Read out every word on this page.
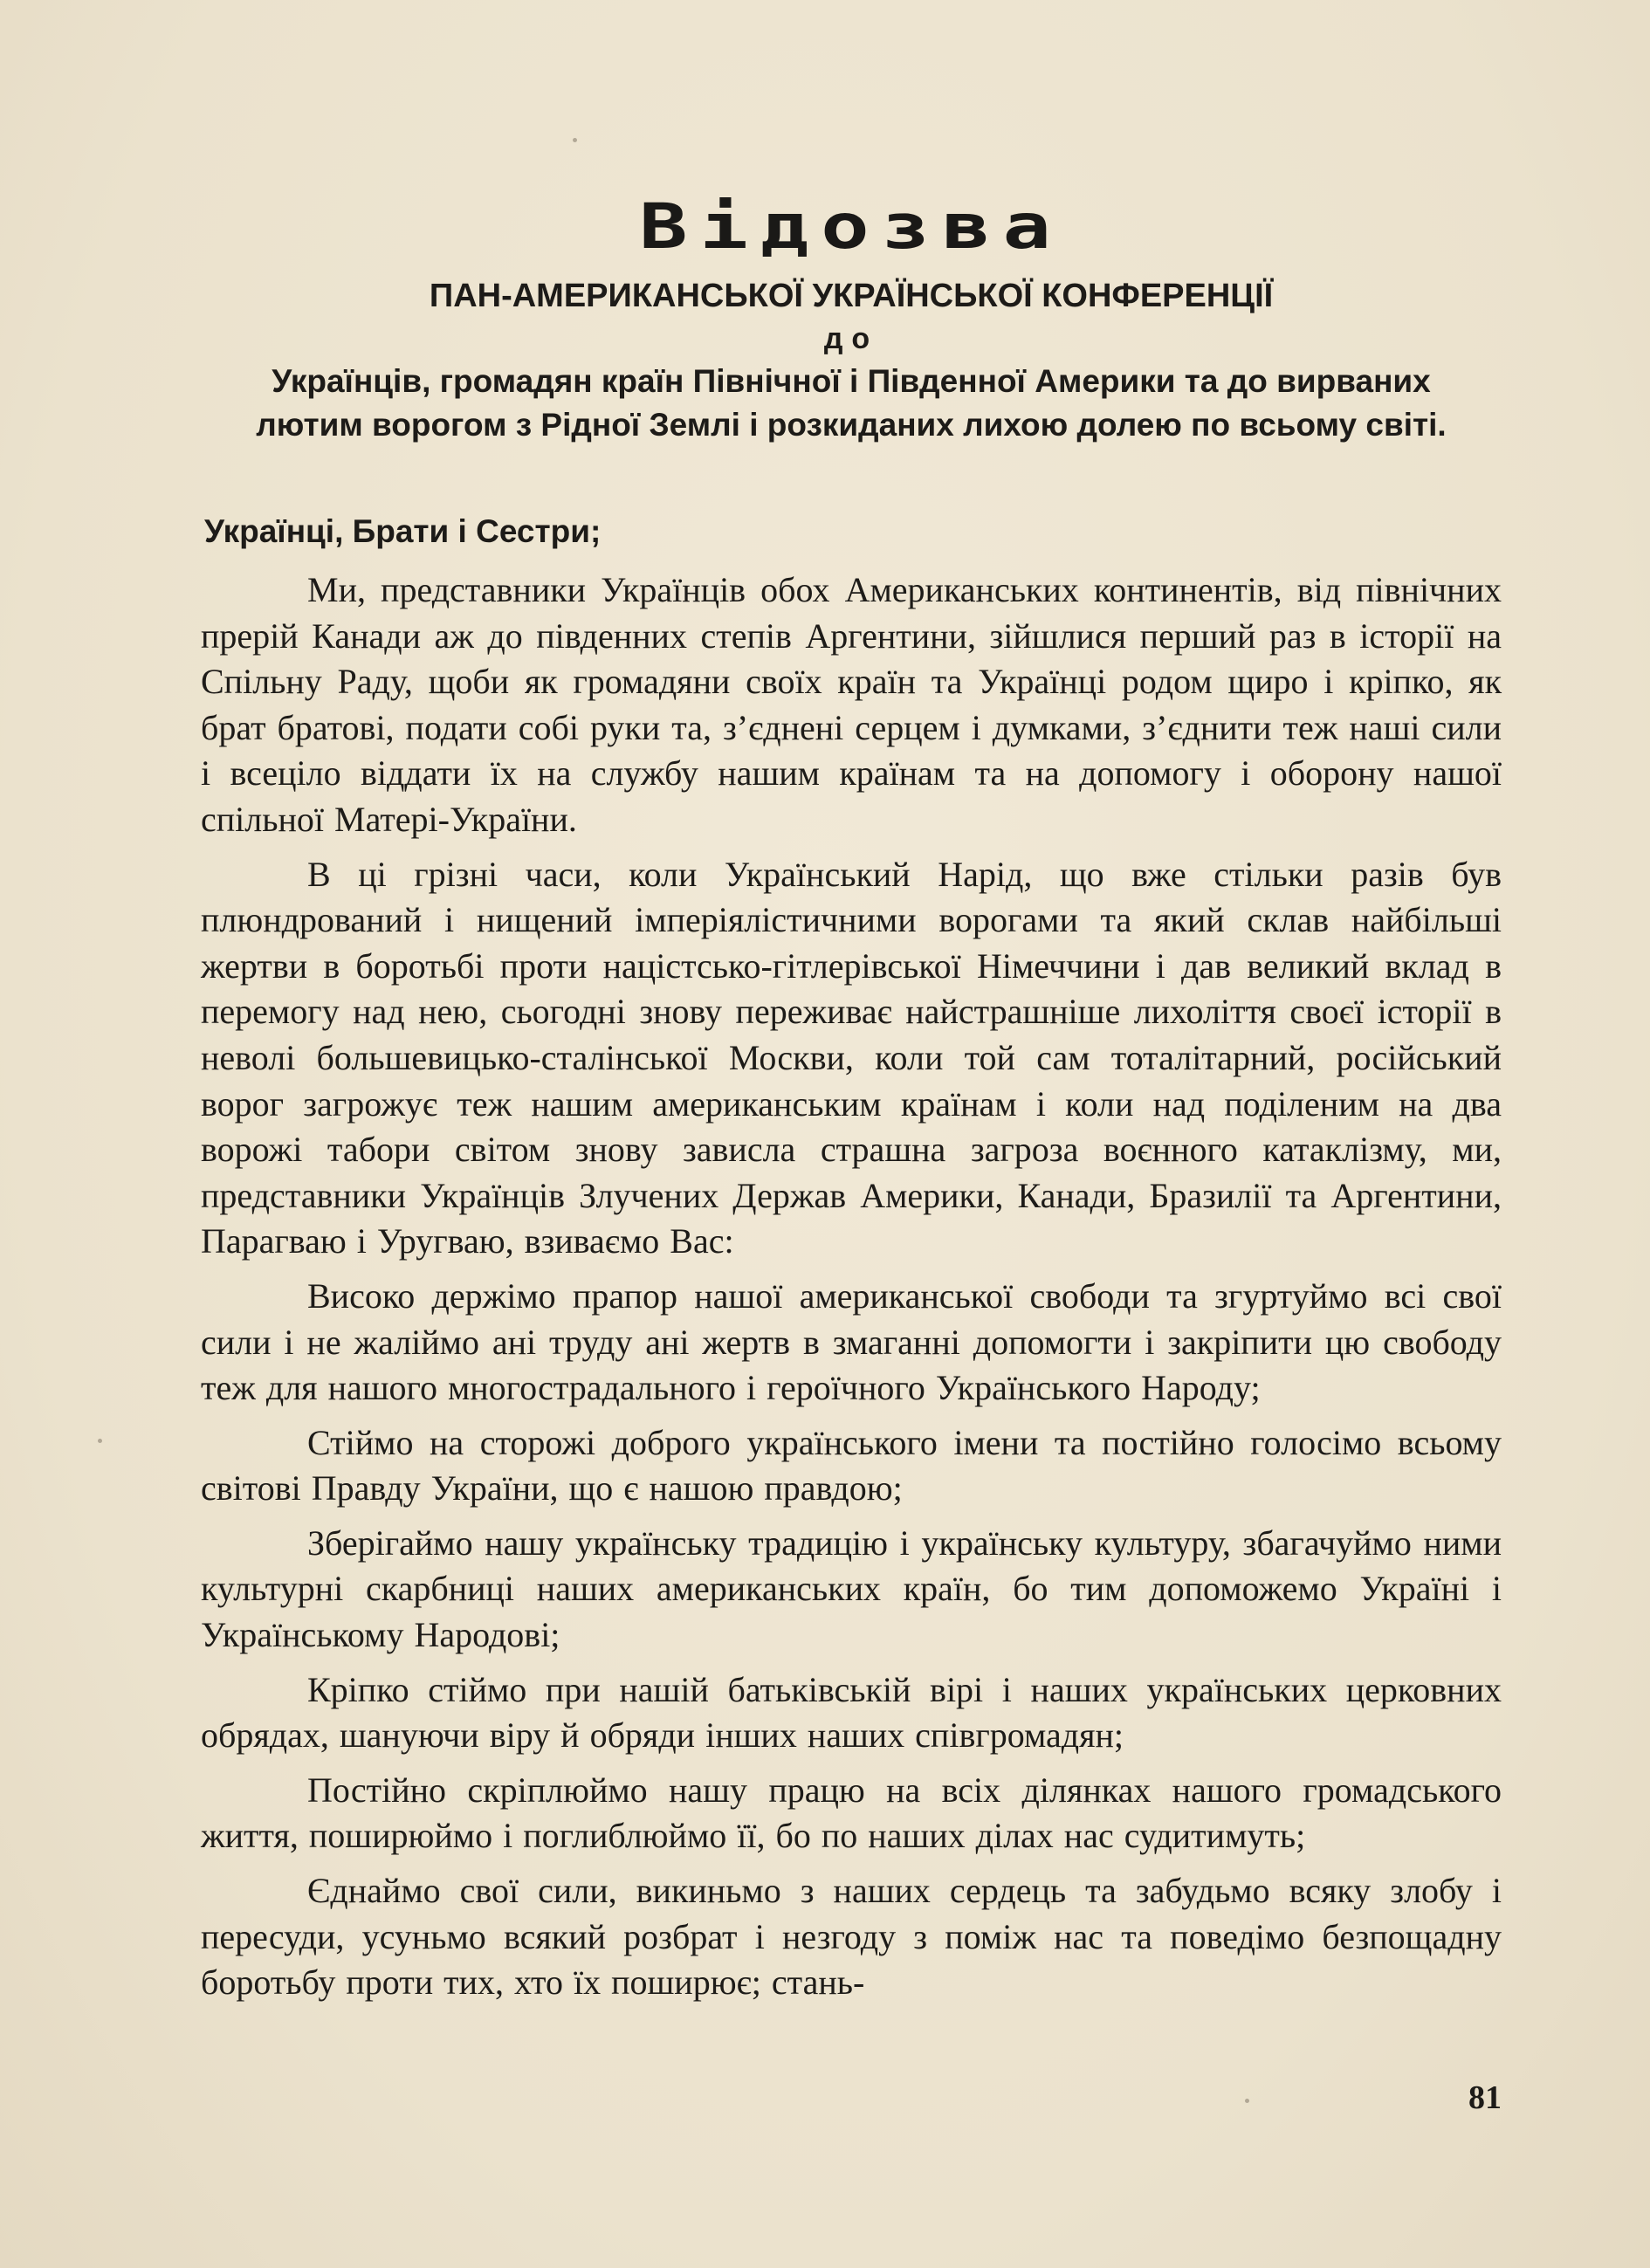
Відозва
ПАН-АМЕРИКАНСЬКОЇ УКРАЇНСЬКОЇ КОНФЕРЕНЦІЇ
до
Українців, громадян країн Північної і Південної Америки та до вирваних лютим ворогом з Рідної Землі і розкиданих лихою долею по всьому світі.
Українці, Брати і Сестри;

Ми, представники Українців обох Американських континентів, від північних прерій Канади аж до південних степів Аргентини, зійшлися перший раз в історії на Спільну Раду, щоби як громадяни своїх країн та Українці родом щиро і кріпко, як брат братові, подати собі руки та, з’єднені серцем і думками, з’єднити теж наші сили і всеціло віддати їх на службу нашим країнам та на допомогу і оборону нашої спільної Матері-України.

В ці грізні часи, коли Український Нарід, що вже стільки разів був плюндрований і нищений імперіялістичними ворогами та який склав найбільші жертви в боротьбі проти націстсько-гітлерівської Німеччини і дав великий вклад в перемогу над нею, сьогодні знову переживає найстрашніше лихоліття своєї історії в неволі большевицько-сталінської Москви, коли той сам тоталітарний, російський ворог загрожує теж нашим американським країнам і коли над поділеним на два ворожі табори світом знову зависла страшна загроза воєнного катаклізму, ми, представники Українців Злучених Держав Америки, Канади, Бразилії та Аргентини, Парагваю і Уругваю, взиваємо Вас:

Високо держімо прапор нашої американської свободи та згуртуймо всі свої сили і не жаліймо ані труду ані жертв в змаганні допомогти і закріпити цю свободу теж для нашого многострадального і героїчного Українського Народу;

Стіймо на сторожі доброго українського імени та постійно голосімо всьому світові Правду України, що є нашою правдою;

Зберігаймо нашу українську традицію і українську культуру, збагачуймо ними культурні скарбниці наших американських країн, бо тим допоможемо Україні і Українському Народові;

Кріпко стіймо при нашій батьківській вірі і наших українських церковних обрядах, шануючи віру й обряди інших наших співгромадян;

Постійно скріплюймо нашу працю на всіх ділянках нашого громадського життя, поширюймо і поглиблюймо її, бо по наших ділах нас судитимуть;

Єднаймо свої сили, викиньмо з наших сердець та забудьмо всяку злобу і пересуди, усуньмо всякий розбрат і незгоду з поміж нас та поведімо безпощадну боротьбу проти тих, хто їх поширює; стань-

81
